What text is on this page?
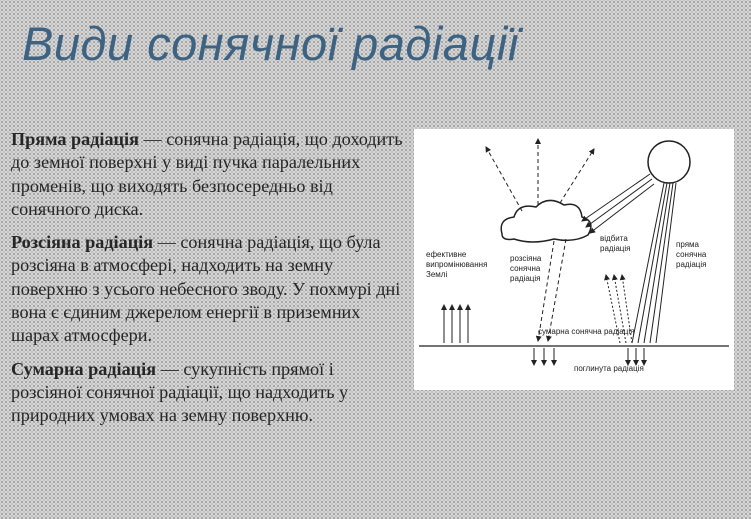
Види сонячної радіації

Пряма радіація — сонячна радіація, що доходить до земної поверхні у виді пучка паралельних променів, що виходять безпосередньо від сонячного диска.

Розсіяна радіація — сонячна радіація, що була розсіяна в атмосфері, надходить на земну поверхню з усього небесного зводу. У похмурі дні вона є єдиним джерелом енергії в приземних шарах атмосфери.

Сумарна радіація — сукупність прямої і розсіяної сонячної радіації, що надходить у природних умовах на земну поверхню.

ефективне випромінювання Землі
розсіяна сонячна радіація
відбита радіація	пряма сонячна радіація
сумарна сонячна радіація
поглинута радіація
